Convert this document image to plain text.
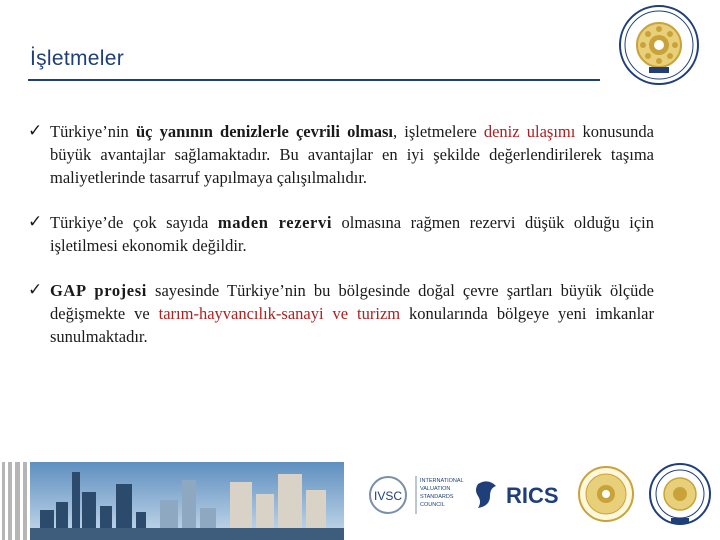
İşletmeler
✓ Türkiye’nin üç yanının denizlerle çevrili olması, işletmelere deniz ulaşımı konusunda büyük avantajlar sağlamaktadır. Bu avantajlar en iyi şekilde değerlendirilerek taşıma maliyetlerinde tasarruf yapılmaya çalışılmalıdır.
✓ Türkiye’de çok sayıda maden rezervi olmasına rağmen rezervi düşük olduğu için işletilmesi ekonomik değildir.
✓ GAP projesi sayesinde Türkiye’nin bu bölgesinde doğal çevre şartları büyük ölçüde değişmekte ve tarım-hayvancılık-sanayi ve turizm konularında bölgeye yeni imkanlar sunulmaktadır.
IVSC
INTERNATIONAL
VALUATION
STANDARDS
COUNCIL	RICS
